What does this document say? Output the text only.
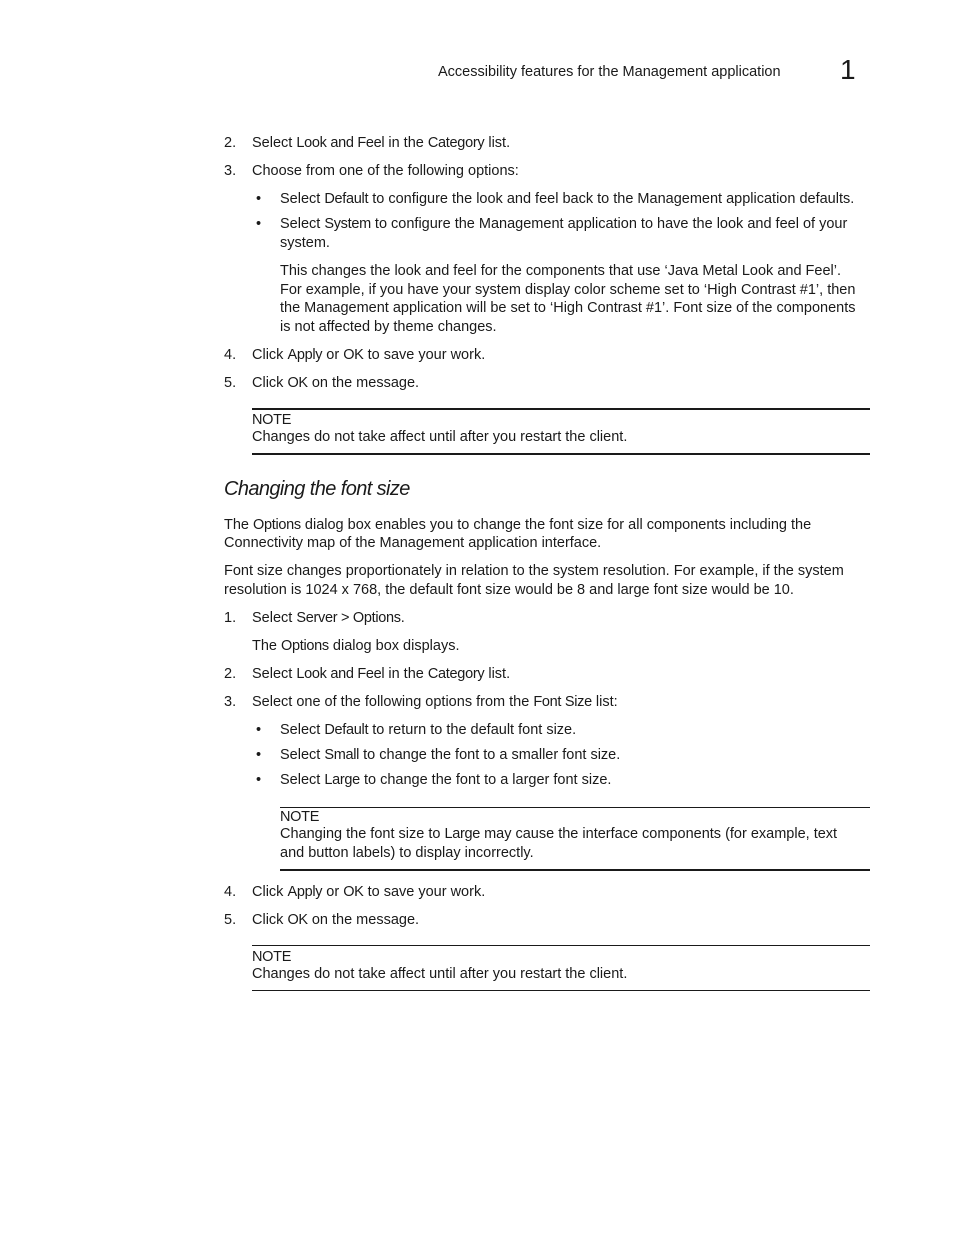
Accessibility features for the Management application 1
2. Select Look and Feel in the Category list.
3. Choose from one of the following options:
• Select Default to configure the look and feel back to the Management application defaults.
• Select System to configure the Management application to have the look and feel of your
system.
This changes the look and feel for the components that use ‘Java Metal Look and Feel’.
For example, if you have your system display color scheme set to ‘High Contrast #1’, then
the Management application will be set to ‘High Contrast #1’. Font size of the components
is not affected by theme changes.
4. Click Apply or OK to save your work.
5. Click OK on the message.
NOTE
Changes do not take affect until after you restart the client.
Changing the font size
The Options dialog box enables you to change the font size for all components including the
Connectivity map of the Management application interface.
Font size changes proportionately in relation to the system resolution. For example, if the system
resolution is 1024 x 768, the default font size would be 8 and large font size would be 10.
1. Select Server > Options.
The Options dialog box displays.
2. Select Look and Feel in the Category list.
3. Select one of the following options from the Font Size list:
• Select Default to return to the default font size.
• Select Small to change the font to a smaller font size.
• Select Large to change the font to a larger font size.
NOTE
Changing the font size to Large may cause the interface components (for example, text
and button labels) to display incorrectly.
4. Click Apply or OK to save your work.
5. Click OK on the message.
NOTE
Changes do not take affect until after you restart the client.
